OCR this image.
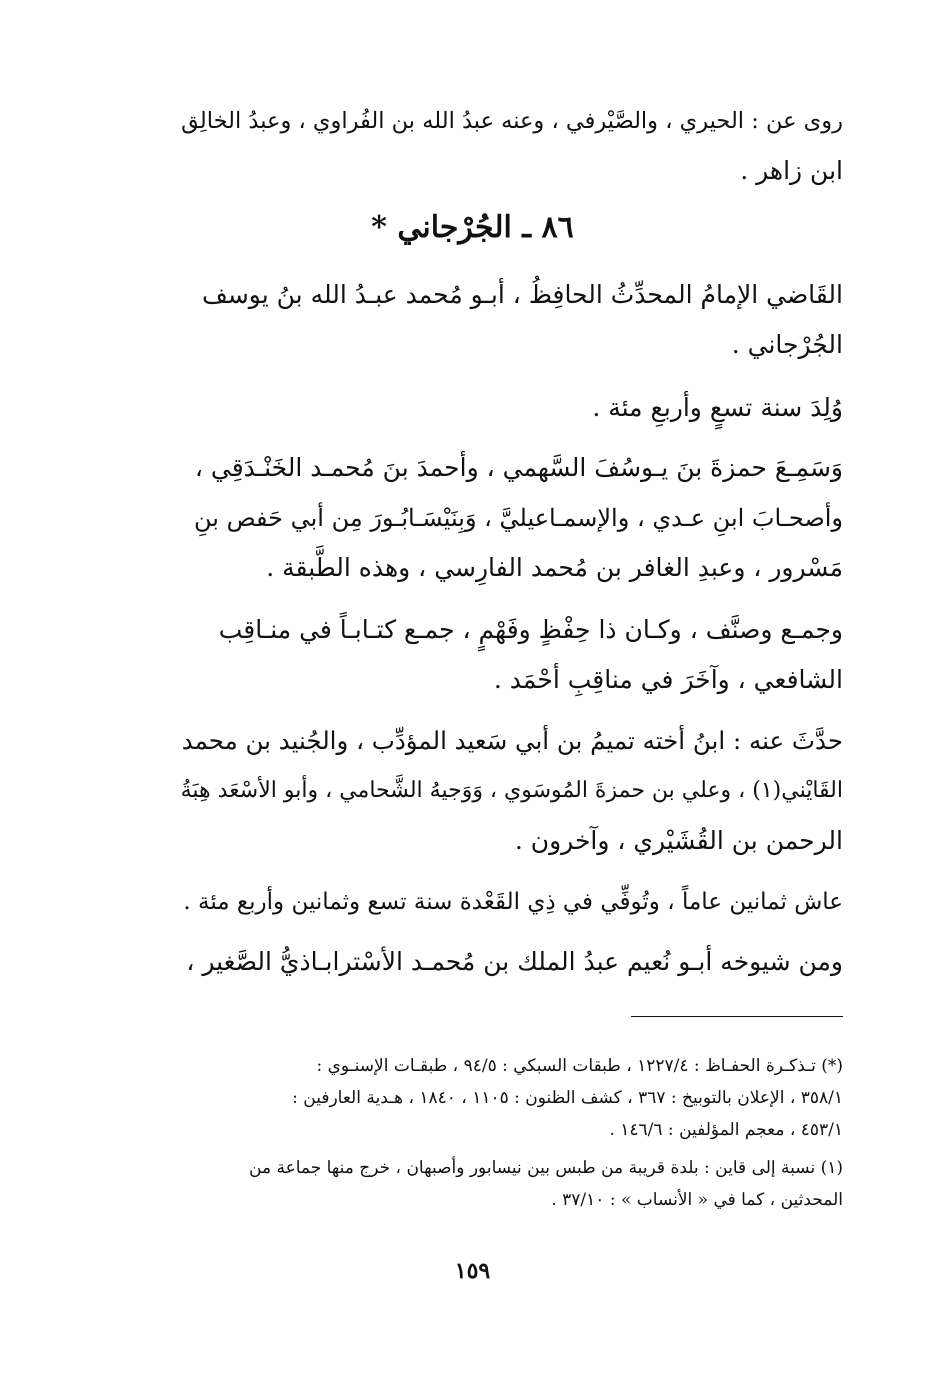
روى عن : الحيري ، والصَّيْرفي ، وعنه عبدُ الله بن الفُراوي ، وعبدُ الخالِق
ابن زاهر .
٨٦ ـ الجُرْجاني *
القَاضي الإمامُ المحدِّثُ الحافِظُ ، أبـو مُحمد عبـدُ الله بنُ يوسف
الجُرْجاني .
وُلِدَ سنة تسعٍ وأربعِ مئة .
وَسَمِـعَ حمزةَ بنَ يـوسُفَ السَّهمي ، وأحمدَ بنَ مُحمـد الخَنْـدَقِي ،
وأصحـابَ ابنِ عـدي ، والإسمـاعيليَّ ، وَبِنَيْسَـابُـورَ مِن أبي حَفص بنِ
مَسْرور ، وعبدِ الغافر بن مُحمد الفارِسي ، وهذه الطَّبقة .
وجمـع وصنَّف ، وكـان ذا حِفْظٍ وفَهْمٍ ، جمـع كتـابـاً في منـاقِب
الشافعي ، وآخَرَ في مناقِبِ أحْمَد .
حدَّثَ عنه : ابنُ أخته تميمُ بن أبي سَعيد المؤدِّب ، والجُنيد بن محمد
القَايْني(١) ، وعلي بن حمزةَ المُوسَوي ، وَوَجيهُ الشَّحامي ، وأبو الأسْعَد هِبَةُ
الرحمن بن القُشَيْري ، وآخرون .
عاش ثمانين عاماً ، وتُوفِّي في ذِي القَعْدة سنة تسع وثمانين وأربع مئة .
ومن شيوخه أبـو نُعيم عبدُ الملك بن مُحمـد الأسْترابـاذيُّ الصَّغير ،
(*) تـذكـرة الحفـاظ : ١٢٢٧/٤ ، طبقات السبكي : ٩٤/٥ ، طبقـات الإسنـوي :
٣٥٨/١ ، الإعلان بالتوبيخ : ٣٦٧ ، كشف الظنون : ١١٠٥ ، ١٨٤٠ ، هـدية العارفين :
٤٥٣/١ ، معجم المؤلفين : ١٤٦/٦ .
(١) نسبة إلى قاين : بلدة قريبة من طبس بين نيسابور وأصبهان ، خرج منها جماعة من
المحدثين ، كما في « الأنساب » : ٣٧/١٠ .
١٥٩
